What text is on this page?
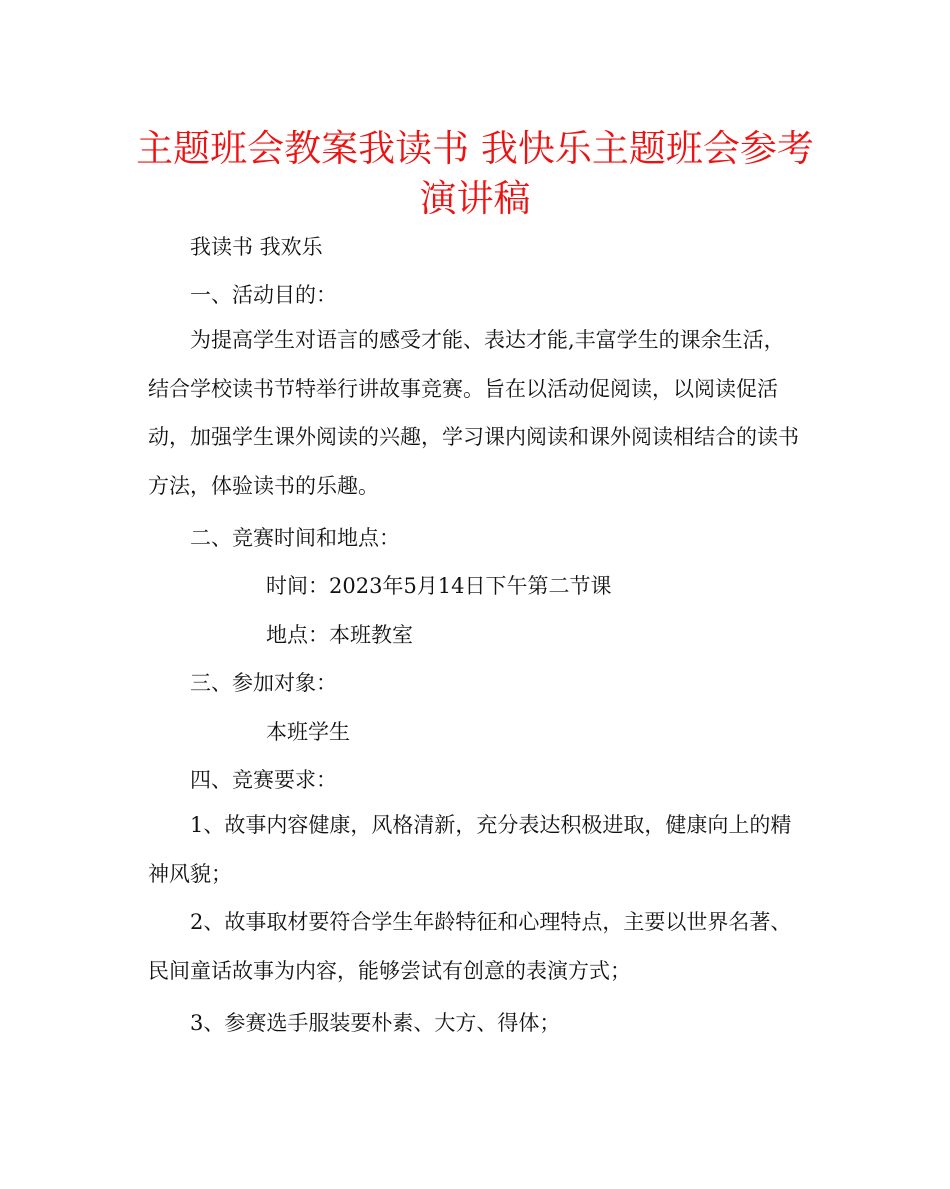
主题班会教案我读书 我快乐主题班会参考演讲稿

我读书 我欢乐

一、活动目的：

为提高学生对语言的感受才能、表达才能,丰富学生的课余生活，结合学校读书节特举行讲故事竞赛。旨在以活动促阅读，以阅读促活动，加强学生课外阅读的兴趣，学习课内阅读和课外阅读相结合的读书方法，体验读书的乐趣。

二、竞赛时间和地点：

时间：2023年5月14日下午第二节课

地点：本班教室

三、参加对象：

本班学生

四、竞赛要求：

1、故事内容健康，风格清新，充分表达积极进取，健康向上的精神风貌；

2、故事取材要符合学生年龄特征和心理特点，主要以世界名著、民间童话故事为内容，能够尝试有创意的表演方式；

3、参赛选手服装要朴素、大方、得体；
